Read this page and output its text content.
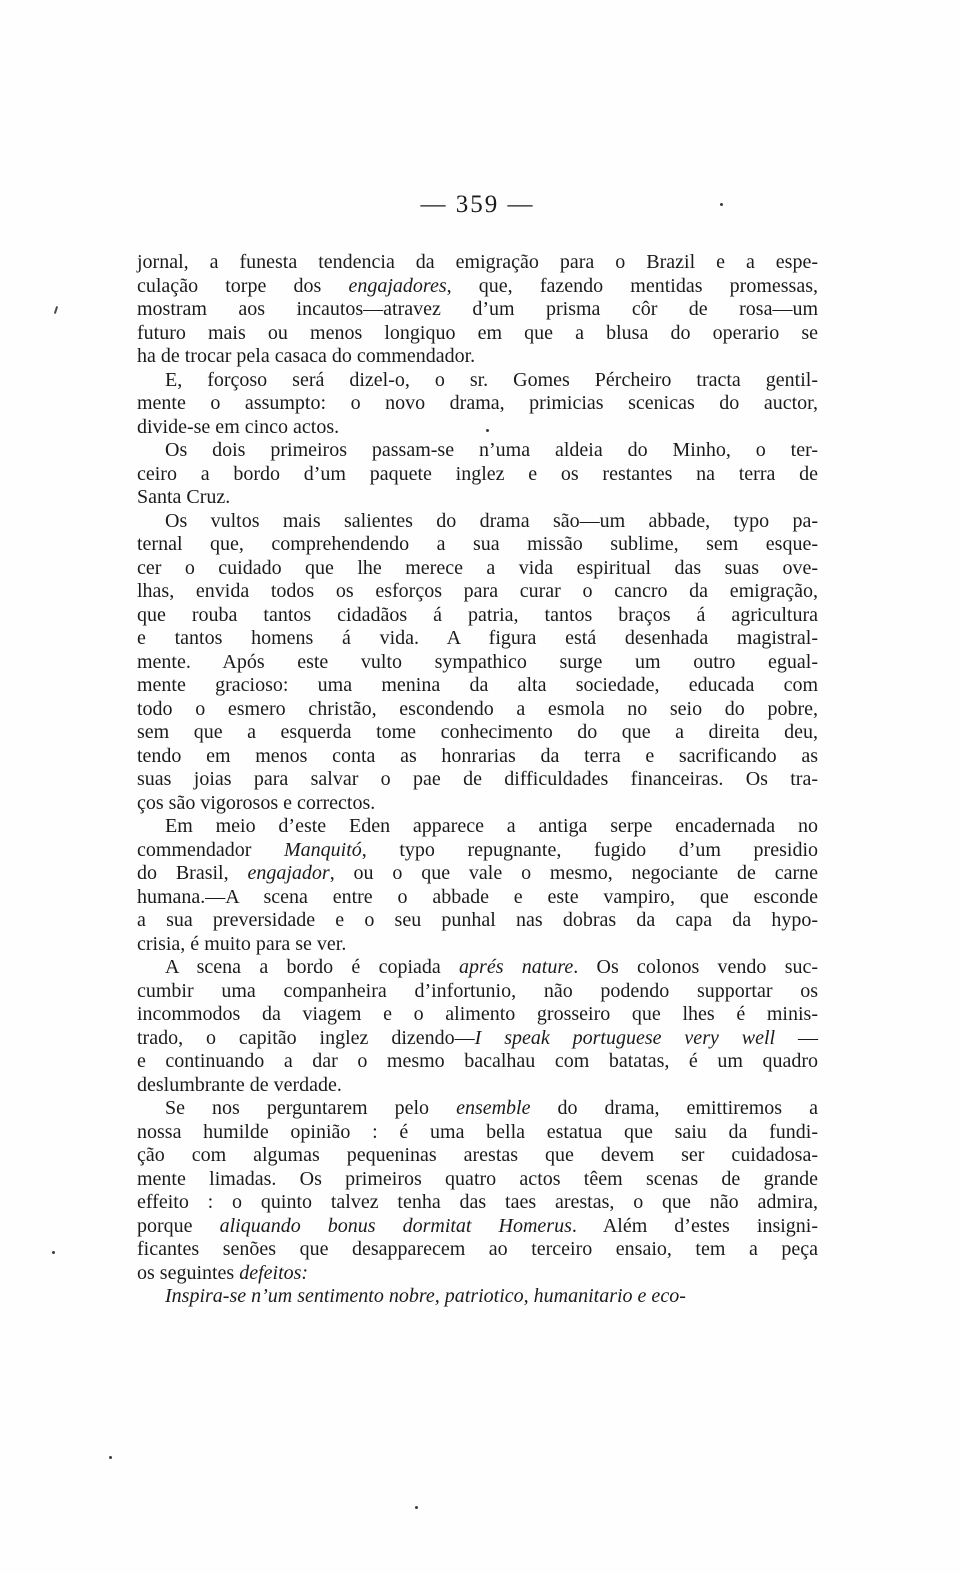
— 359 —
jornal, a funesta tendencia da emigração para o Brazil e a espe-
culação torpe dos engajadores, que, fazendo mentidas promessas,
mostram aos incautos—atravez d’um prisma côr de rosa—um
futuro mais ou menos longiquo em que a blusa do operario se
ha de trocar pela casaca do commendador.
E, forçoso será dizel-o, o sr. Gomes Pércheiro tracta gentil-
mente o assumpto: o novo drama, primicias scenicas do auctor,
divide-se em cinco actos.
Os dois primeiros passam-se n’uma aldeia do Minho, o ter-
ceiro a bordo d’um paquete inglez e os restantes na terra de
Santa Cruz.
Os vultos mais salientes do drama são—um abbade, typo pa-
ternal que, comprehendendo a sua missão sublime, sem esque-
cer o cuidado que lhe merece a vida espiritual das suas ove-
lhas, envida todos os esforços para curar o cancro da emigração,
que rouba tantos cidadãos á patria, tantos braços á agricultura
e tantos homens á vida. A figura está desenhada magistral-
mente. Após este vulto sympathico surge um outro egual-
mente gracioso: uma menina da alta sociedade, educada com
todo o esmero christão, escondendo a esmola no seio do pobre,
sem que a esquerda tome conhecimento do que a direita deu,
tendo em menos conta as honrarias da terra e sacrificando as
suas joias para salvar o pae de difficuldades financeiras. Os tra-
ços são vigorosos e correctos.
Em meio d’este Eden apparece a antiga serpe encadernada no
commendador Manquitó, typo repugnante, fugido d’um presidio
do Brasil, engajador, ou o que vale o mesmo, negociante de carne
humana.—A scena entre o abbade e este vampiro, que esconde
a sua preversidade e o seu punhal nas dobras da capa da hypo-
crisia, é muito para se ver.
A scena a bordo é copiada aprés nature. Os colonos vendo suc-
cumbir uma companheira d’infortunio, não podendo supportar os
incommodos da viagem e o alimento grosseiro que lhes é minis-
trado, o capitão inglez dizendo—I speak portuguese very well —
e continuando a dar o mesmo bacalhau com batatas, é um quadro
deslumbrante de verdade.
Se nos perguntarem pelo ensemble do drama, emittiremos a
nossa humilde opinião : é uma bella estatua que saiu da fundi-
ção com algumas pequeninas arestas que devem ser cuidadosa-
mente limadas. Os primeiros quatro actos têem scenas de grande
effeito : o quinto talvez tenha das taes arestas, o que não admira,
porque aliquando bonus dormitat Homerus. Além d’estes insigni-
ficantes senões que desapparecem ao terceiro ensaio, tem a peça
os seguintes defeitos:
Inspira-se n’um sentimento nobre, patriotico, humanitario e eco-
